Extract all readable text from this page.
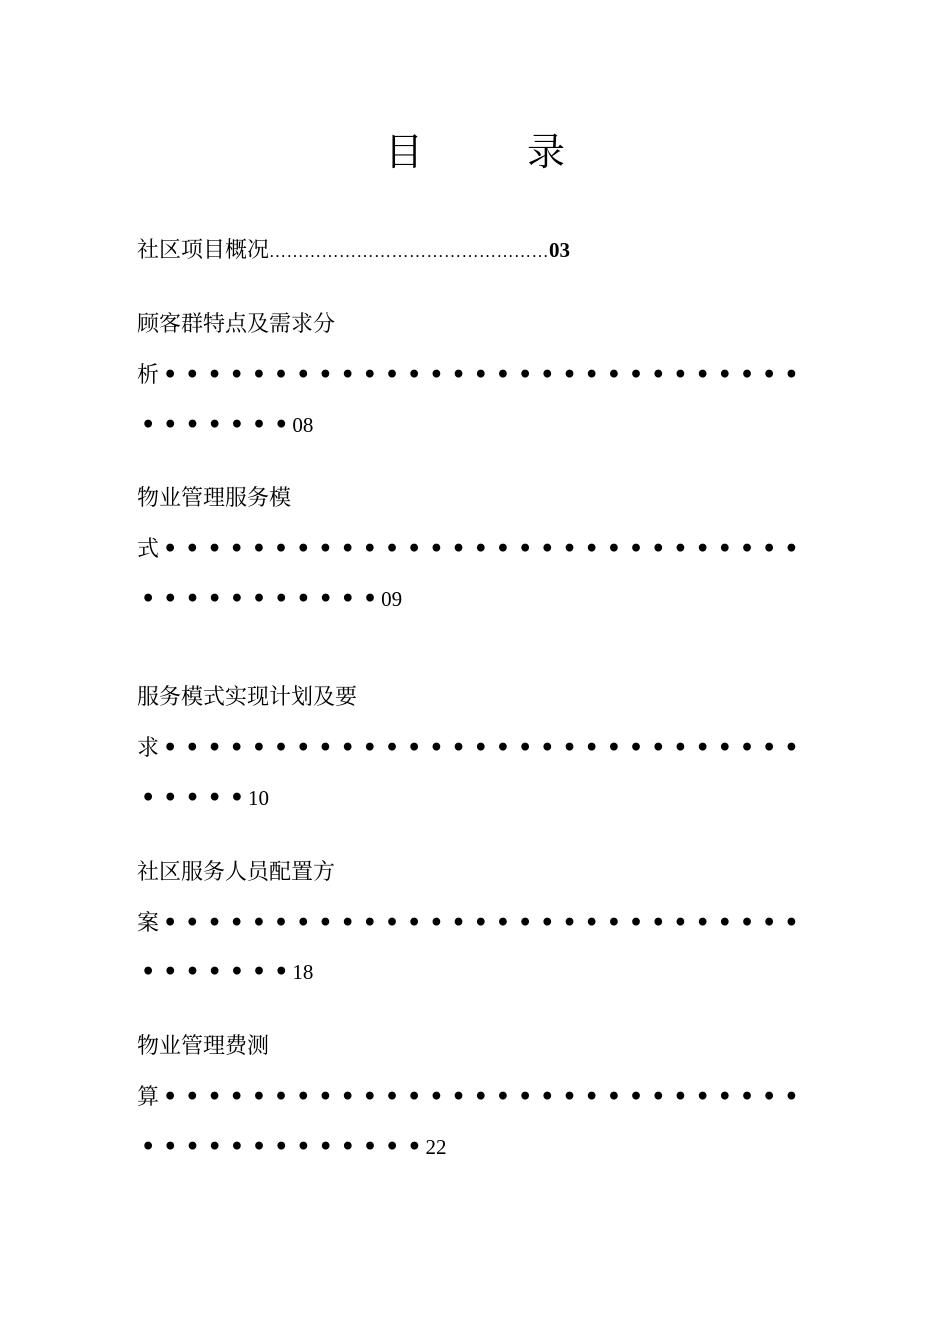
目	录
社区项目概况…………………………………………03
顾客群特点及需求分
析 • • • • • • • • • • • • • • • • • • • • • • • • • • • • •
• • • • • • • 08
物业管理服务模
式 • • • • • • • • • • • • • • • • • • • • • • • • • • • • •
• • • • • • • • • • • 09
服务模式实现计划及要
求 • • • • • • • • • • • • • • • • • • • • • • • • • • • • •
• • • • • 10
社区服务人员配置方
案 • • • • • • • • • • • • • • • • • • • • • • • • • • • • •
• • • • • • • 18
物业管理费测
算 • • • • • • • • • • • • • • • • • • • • • • • • • • • • •
• • • • • • • • • • • • • 22
